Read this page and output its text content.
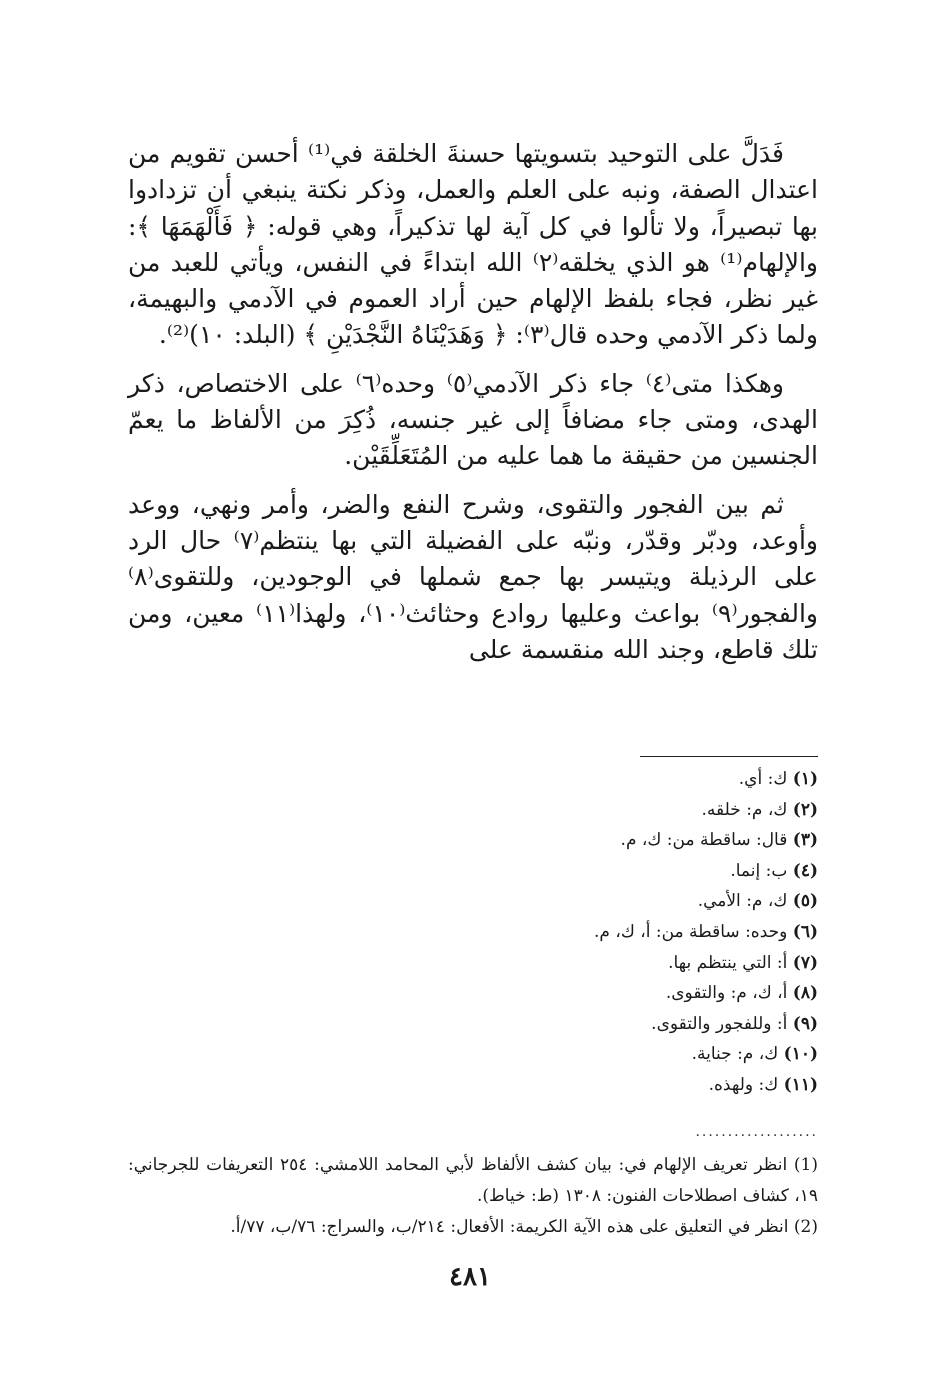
فَدَلَّ على التوحيد بتسويتها حسنةَ الخلقة في⁽¹⁾ أحسن تقويم من اعتدال الصفة، ونبه على العلم والعمل، وذكر نكتة ينبغي أن تزدادوا بها تبصيراً، ولا تألوا في كل آية لها تذكيراً، وهي قوله: ﴿ فَأَلْهَمَهَا ﴾: والإلهام⁽¹⁾ هو الذي يخلقه⁽٢⁾ الله ابتداءً في النفس، ويأتي للعبد من غير نظر، فجاء بلفظ الإلهام حين أراد العموم في الآدمي والبهيمة، ولما ذكر الآدمي وحده قال⁽٣⁾: ﴿ وَهَدَيْنَاهُ النَّجْدَيْنِ ﴾ (البلد: ١٠)⁽²⁾.

وهكذا متى⁽٤⁾ جاء ذكر الآدمي⁽٥⁾ وحده⁽٦⁾ على الاختصاص، ذكر الهدى، ومتى جاء مضافاً إلى غير جنسه، ذُكِرَ من الألفاظ ما يعمّ الجنسين من حقيقة ما هما عليه من المُتَعَلِّقَيْن.

ثم بين الفجور والتقوى، وشرح النفع والضر، وأمر ونهي، ووعد وأوعد، ودبّر وقدّر، ونبّه على الفضيلة التي بها ينتظم⁽٧⁾ حال الرد على الرذيلة ويتيسر بها جمع شملها في الوجودين، وللتقوى⁽٨⁾ والفجور⁽٩⁾ بواعث وعليها روادع وحثائث⁽١٠⁾، ولهذا⁽١١⁾ معين، ومن تلك قاطع، وجند الله منقسمة على

(١) ك: أي.
(٢) ك، م: خلقه.
(٣) قال: ساقطة من: ك، م.
(٤) ب: إنما.
(٥) ك، م: الأمي.
(٦) وحده: ساقطة من: أ، ك، م.
(٧) أ: التي ينتظم بها.
(٨) أ، ك، م: والتقوى.
(٩) أ: وللفجور والتقوى.
(١٠) ك، م: جناية.
(١١) ك: ولهذه.
...................

(1) انظر تعريف الإلهام في: بيان كشف الألفاظ لأبي المحامد اللامشي: ٢٥٤ التعريفات للجرجاني: ١٩، كشاف اصطلاحات الفنون: ١٣٠٨ (ط: خياط).

(2) انظر في التعليق على هذه الآية الكريمة: الأفعال: ٢١٤/ب، والسراج: ٧٦/ب، ٧٧/أ.

٤٨١
